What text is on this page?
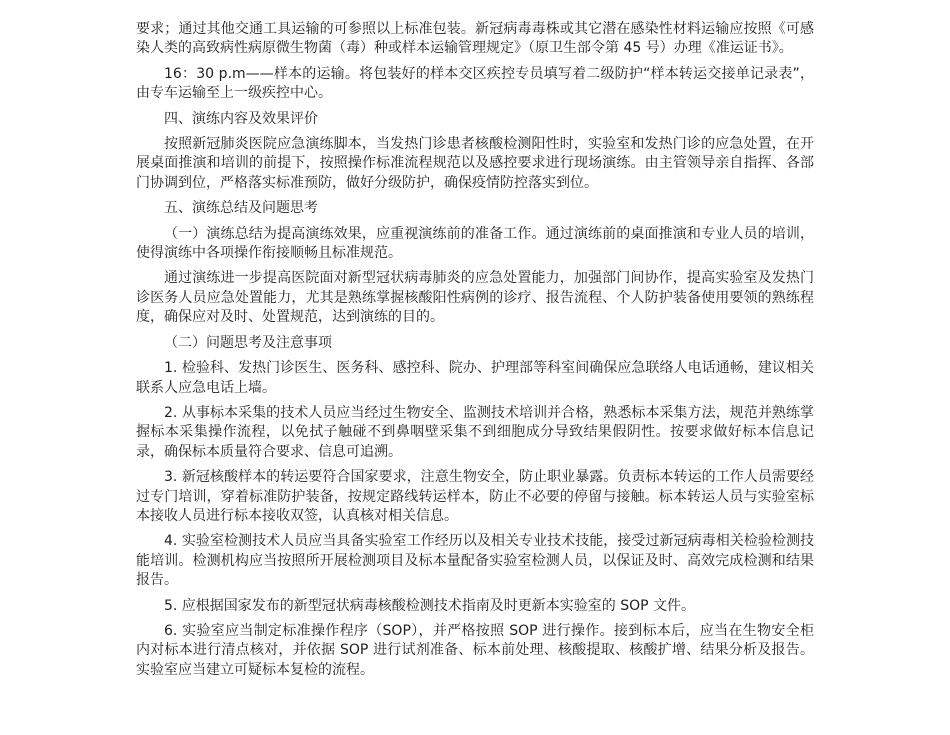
要求；通过其他交通工具运输的可参照以上标准包装。新冠病毒毒株或其它潜在感染性材料运输应按照《可感染人类的高致病性病原微生物菌（毒）种或样本运输管理规定》（原卫生部令第 45 号）办理《准运证书》。

16：30 p.m——样本的运输。将包装好的样本交区疾控专员填写着二级防护“样本转运交接单记录表”，由专车运输至上一级疾控中心。

四、演练内容及效果评价

按照新冠肺炎医院应急演练脚本，当发热门诊患者核酸检测阳性时，实验室和发热门诊的应急处置，在开展桌面推演和培训的前提下，按照操作标准流程规范以及感控要求进行现场演练。由主管领导亲自指挥、各部门协调到位，严格落实标准预防，做好分级防护，确保疫情防控落实到位。

五、演练总结及问题思考

（一）演练总结为提高演练效果，应重视演练前的准备工作。通过演练前的桌面推演和专业人员的培训，使得演练中各项操作衔接顺畅且标准规范。

通过演练进一步提高医院面对新型冠状病毒肺炎的应急处置能力，加强部门间协作，提高实验室及发热门诊医务人员应急处置能力，尤其是熟练掌握核酸阳性病例的诊疗、报告流程、个人防护装备使用要领的熟练程度，确保应对及时、处置规范，达到演练的目的。

（二）问题思考及注意事项

1. 检验科、发热门诊医生、医务科、感控科、院办、护理部等科室间确保应急联络人电话通畅，建议相关联系人应急电话上墙。

2. 从事标本采集的技术人员应当经过生物安全、监测技术培训并合格，熟悉标本采集方法，规范并熟练掌握标本采集操作流程，以免拭子触碰不到鼻咽壁采集不到细胞成分导致结果假阴性。按要求做好标本信息记录，确保标本质量符合要求、信息可追溯。

3. 新冠核酸样本的转运要符合国家要求，注意生物安全，防止职业暴露。负责标本转运的工作人员需要经过专门培训，穿着标准防护装备，按规定路线转运样本，防止不必要的停留与接触。标本转运人员与实验室标本接收人员进行标本接收双签，认真核对相关信息。

4. 实验室检测技术人员应当具备实验室工作经历以及相关专业技术技能，接受过新冠病毒相关检验检测技能培训。检测机构应当按照所开展检测项目及标本量配备实验室检测人员，以保证及时、高效完成检测和结果报告。

5. 应根据国家发布的新型冠状病毒核酸检测技术指南及时更新本实验室的 SOP 文件。

6. 实验室应当制定标准操作程序（SOP），并严格按照 SOP 进行操作。接到标本后，应当在生物安全柜内对标本进行清点核对，并依据 SOP 进行试剂准备、标本前处理、核酸提取、核酸扩增、结果分析及报告。实验室应当建立可疑标本复检的流程。
